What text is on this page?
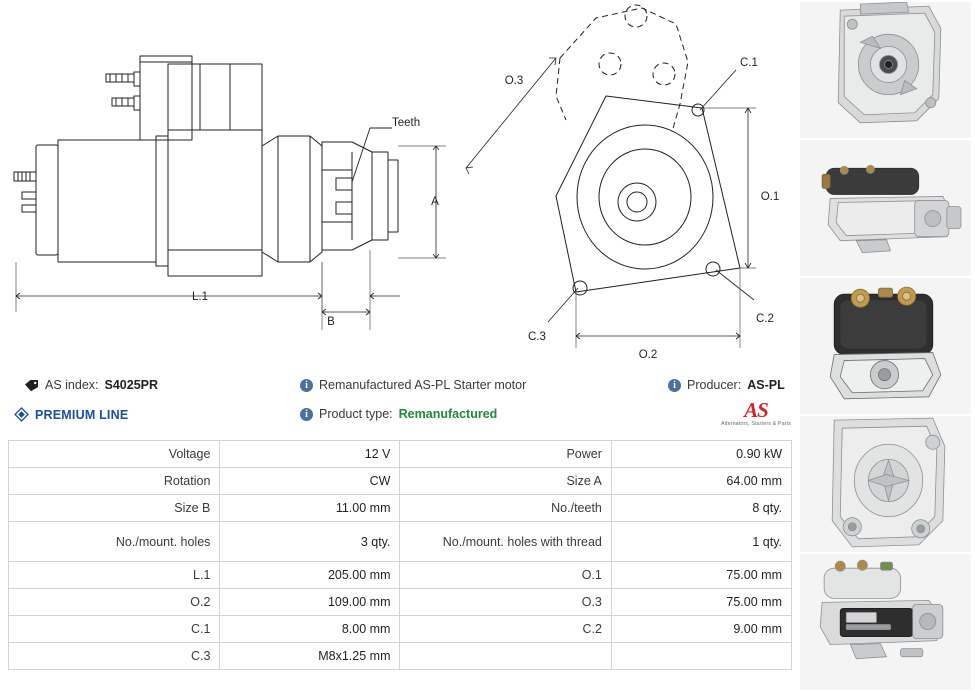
Teeth
A
B
L.1
O.1
O.2
O.3
C.1
C.2
C.3
AS index: S4025PR	i Remanufactured AS-PL Starter motor	i Producer: AS-PL
PREMIUM LINE	i Product type: Remanufactured	AS
Alternators, Starters & Parts
Voltage	12 V	Power	0.90 kW
Rotation	CW	Size A	64.00 mm
Size B	11.00 mm	No./teeth	8 qty.
No./mount. holes	3 qty.	No./mount. holes with thread	1 qty.
L.1	205.00 mm	O.1	75.00 mm
O.2	109.00 mm	O.3	75.00 mm
C.1	8.00 mm	C.2	9.00 mm
C.3	M8x1.25 mm		
